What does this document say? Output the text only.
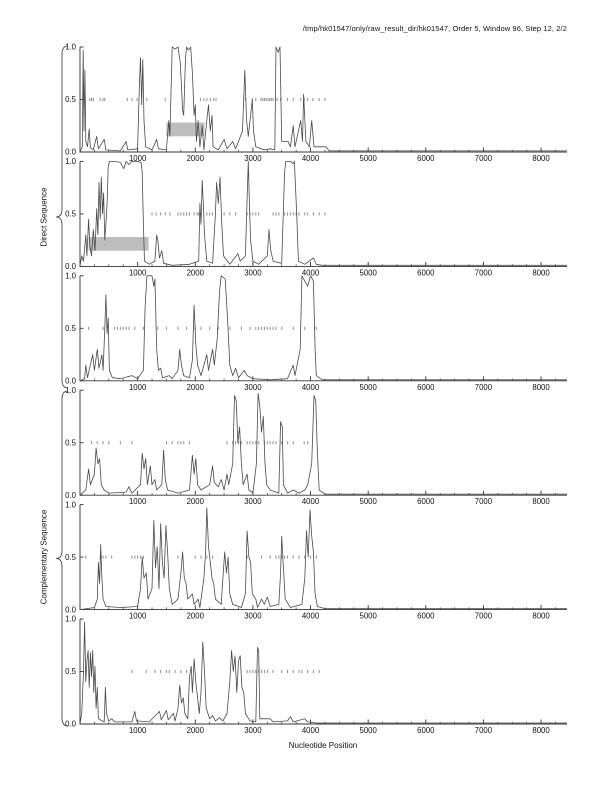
/tmp/hk01547/only/raw_result_dir/hk01547, Order 5, Window 96, Step 12, 2/2
Direct Sequence
Complementary Sequence
Nucleotide Position
1000	2000	3000	4000	5000	6000	7000	8000
0.0
0.5
1.0
1000	2000	3000	4000	5000	6000	7000	8000
0.0
0.5
1.0
1000	2000	3000	4000	5000	6000	7000	8000
0.0
0.5
1.0
1000	2000	3000	4000	5000	6000	7000	8000
0.0
0.5
1.0
1000	2000	3000	4000	5000	6000	7000	8000
0.0
0.5
1.0
1000	2000	3000	4000	5000	6000	7000	8000
0.0
0.5
1.0
